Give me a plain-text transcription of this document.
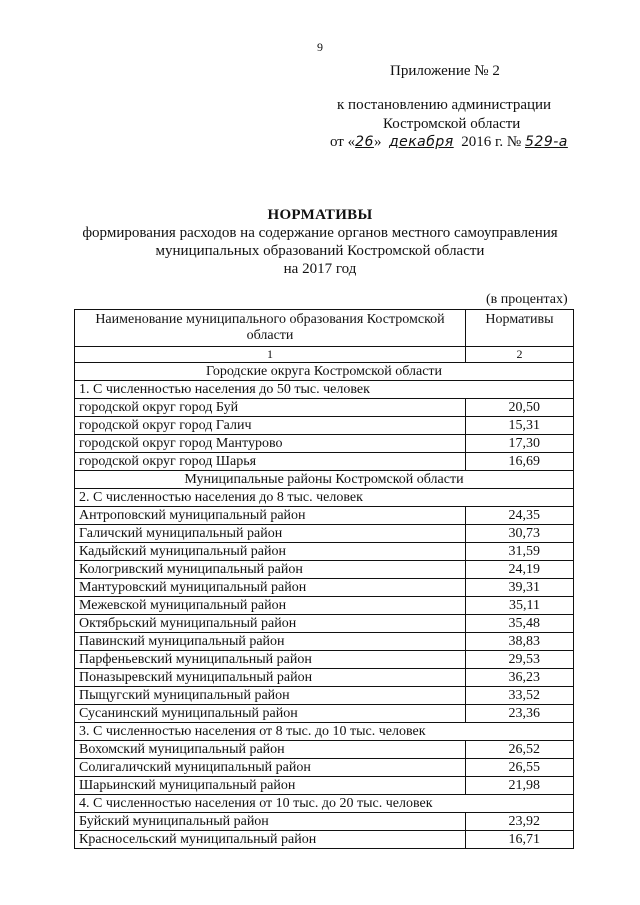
9
Приложение № 2
к постановлению администрации
Костромской области
от «26» декабря 2016 г. № 529-а
НОРМАТИВЫ
формирования расходов на содержание органов местного самоуправления
муниципальных образований Костромской области
на 2017 год
(в процентах)
Наименование муниципального образования Костромской области	Нормативы
1	2
Городские округа Костромской области	
1. С численностью населения до 50 тыс. человек	
городской округ город Буй	20,50
городской округ город Галич	15,31
городской округ город Мантурово	17,30
городской округ город Шарья	16,69
Муниципальные районы Костромской области	
2. С численностью населения до 8 тыс. человек	
Антроповский муниципальный район	24,35
Галичский муниципальный район	30,73
Кадыйский муниципальный район	31,59
Кологривский муниципальный район	24,19
Мантуровский муниципальный район	39,31
Межевской муниципальный район	35,11
Октябрьский муниципальный район	35,48
Павинский муниципальный район	38,83
Парфеньевский муниципальный район	29,53
Поназыревский муниципальный район	36,23
Пыщугский муниципальный район	33,52
Сусанинский муниципальный район	23,36
3. С численностью населения от 8 тыс. до 10 тыс. человек	
Вохомский муниципальный район	26,52
Солигаличский муниципальный район	26,55
Шарьинский муниципальный район	21,98
4. С численностью населения от 10 тыс. до 20 тыс. человек	
Буйский муниципальный район	23,92
Красносельский муниципальный район	16,71
